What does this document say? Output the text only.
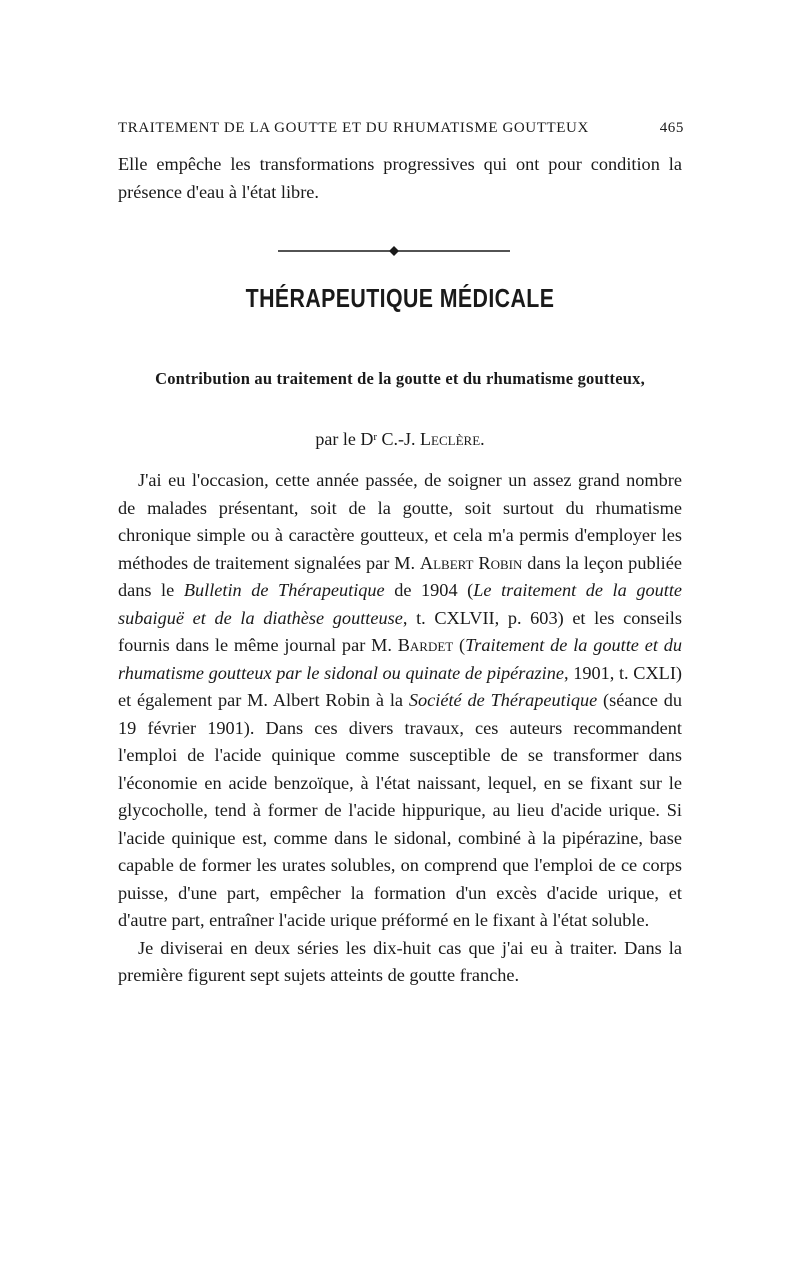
TRAITEMENT DE LA GOUTTE ET DU RHUMATISME GOUTTEUX	465
Elle empêche les transformations progressives qui ont pour condition la présence d'eau à l'état libre.
THÉRAPEUTIQUE MÉDICALE
Contribution au traitement de la goutte et du rhumatisme goutteux,
par le $D^r$ C.-J. Leclère.

J'ai eu l'occasion, cette année passée, de soigner un assez grand nombre de malades présentant, soit de la goutte, soit surtout du rhumatisme chronique simple ou à caractère goutteux, et cela m'a permis d'employer les méthodes de traitement signalées par M. Albert Robin dans la leçon publiée dans le Bulletin de Thérapeutique de 1904 (Le traitement de la goutte subaiguë et de la diathèse goutteuse, t. CXLVII, p. 603) et les conseils fournis dans le même journal par M. Bardet (Traitement de la goutte et du rhumatisme goutteux par le sidonal ou quinate de pipérazine, 1901, t. CXLI) et également par M. Albert Robin à la Société de Thérapeutique (séance du 19 février 1901). Dans ces divers travaux, ces auteurs recommandent l'emploi de l'acide quinique comme susceptible de se transformer dans l'économie en acide benzoïque, à l'état naissant, lequel, en se fixant sur le glycocholle, tend à former de l'acide hippurique, au lieu d'acide urique. Si l'acide quinique est, comme dans le sidonal, combiné à la pipérazine, base capable de former les urates solubles, on comprend que l'emploi de ce corps puisse, d'une part, empêcher la formation d'un excès d'acide urique, et d'autre part, entraîner l'acide urique préformé en le fixant à l'état soluble.

Je diviserai en deux séries les dix-huit cas que j'ai eu à traiter. Dans la première figurent sept sujets atteints de goutte franche.
